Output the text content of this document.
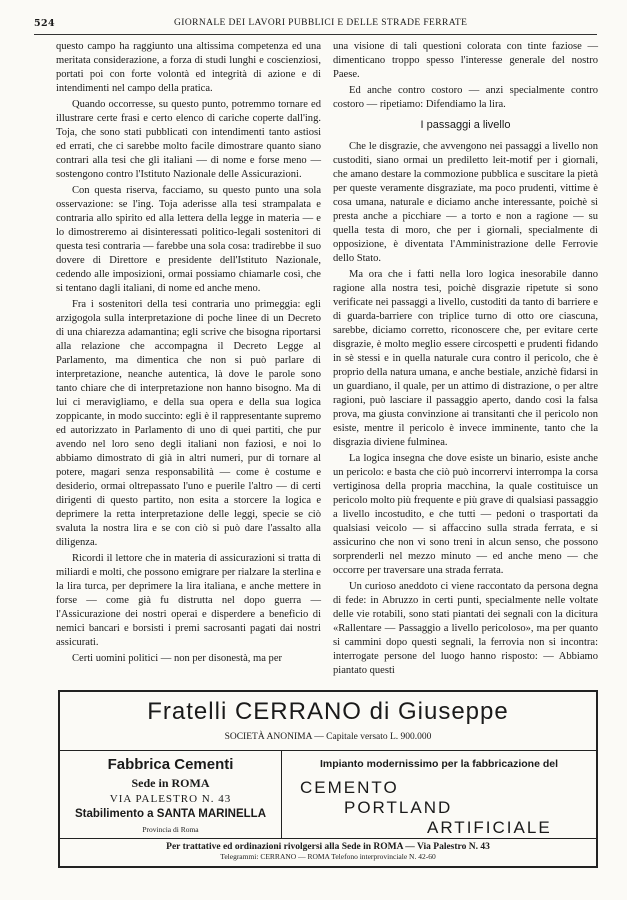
524	GIORNALE DEI LAVORI PUBBLICI E DELLE STRADE FERRATE

questo campo ha raggiunto una altissima competenza ed una meritata considerazione, a forza di studi lunghi e coscienziosi, portati poi con forte volontà ed integrità di azione e di intendimenti nel campo della pratica.

Quando occorresse, su questo punto, potremmo tornare ed illustrare certe frasi e certo elenco di cariche coperte dall'ing. Toja, che sono stati pubblicati con intendimenti tanto astiosi ed errati, che ci sarebbe molto facile dimostrare quanto siano contrari alla tesi che gli italiani — di nome e forse meno — sostengono contro l'Istituto Nazionale delle Assicurazioni.

Con questa riserva, facciamo, su questo punto una sola osservazione: se l'ing. Toja aderisse alla tesi strampalata e contraria allo spirito ed alla lettera della legge in materia — e lo dimostreremo ai disinteressati politico-legali sostenitori di questa tesi contraria — farebbe una sola cosa: tradirebbe il suo dovere di Direttore e presidente dell'Istituto Nazionale, cedendo alle imposizioni, ormai possiamo chiamarle così, che si tentano dagli italiani, di nome ed anche meno.

Fra i sostenitori della tesi contraria uno primeggia: egli arzigogola sulla interpretazione di poche linee di un Decreto di una chiarezza adamantina; egli scrive che bisogna riportarsi alla relazione che accompagna il Decreto Legge al Parlamento, ma dimentica che non si può parlare di interpretazione, neanche autentica, là dove le parole sono tanto chiare che di interpretazione non hanno bisogno. Ma di lui ci meravigliamo, e della sua opera e della sua logica zoppicante, in modo succinto: egli è il rappresentante supremo ed autorizzato in Parlamento di uno di quei partiti, che pur avendo nel loro seno degli italiani non faziosi, e noi lo abbiamo dimostrato di già in altri numeri, pur di tornare al potere, magari senza responsabilità — come è costume e desiderio, ormai oltrepassato l'uno e puerile l'altro — di certi dirigenti di questo partito, non esita a storcere la logica e deprimere la retta interpretazione delle leggi, specie se ciò svaluta la nostra lira e se con ciò si può dare l'assalto alla diligenza.

Ricordi il lettore che in materia di assicurazioni si tratta di miliardi e molti, che possono emigrare per rialzare la sterlina e la lira turca, per deprimere la lira italiana, e anche mettere in forse — come già fu distrutta nel dopo guerra — l'Assicurazione dei nostri operai e disperdere a beneficio di nemici bancari e borsisti i premi sacrosanti pagati dai nostri assicurati.

Certi uomini politici — non per disonestà, ma per

una visione di tali questioni colorata con tinte faziose — dimenticano troppo spesso l'interesse generale del nostro Paese.

Ed anche contro costoro — anzi specialmente contro costoro — ripetiamo: Difendiamo la lira.

I passaggi a livello

Che le disgrazie, che avvengono nei passaggi a livello non custoditi, siano ormai un prediletto leit-motif per i giornali, che amano destare la commozione pubblica e suscitare la pietà per queste veramente disgraziate, ma poco prudenti, vittime è cosa umana, naturale e diciamo anche interessante, poichè si presta anche a picchiare — a torto e non a ragione — su quella testa di moro, che per i giornali, specialmente di opposizione, è diventata l'Amministrazione delle Ferrovie dello Stato.

Ma ora che i fatti nella loro logica inesorabile danno ragione alla nostra tesi, poichè disgrazie ripetute si sono verificate nei passaggi a livello, custoditi da tanto di barriere e di guarda-barriere con triplice turno di otto ore ciascuna, sarebbe, diciamo corretto, riconoscere che, per evitare certe disgrazie, è molto meglio essere circospetti e prudenti fidando in sè stessi e in quella naturale cura contro il pericolo, che è proprio della natura umana, e anche bestiale, anzichè fidarsi in un guardiano, il quale, per un attimo di distrazione, o per altre ragioni, può lasciare il passaggio aperto, dando così la falsa prova, ma giusta convinzione ai transitanti che il pericolo non esiste, mentre il pericolo è invece imminente, tanto che la disgrazia diviene fulminea.

La logica insegna che dove esiste un binario, esiste anche un pericolo: e basta che ciò può incorrervi interrompa la corsa vertiginosa della propria macchina, la quale costituisce un pericolo molto più frequente e più grave di qualsiasi passaggio a livello incostudito, e che tutti — pedoni o trasportati da qualsiasi veicolo — si affaccino sulla strada ferrata, e si assicurino che non vi sono treni in alcun senso, che possono sorprenderli nel mezzo minuto — ed anche meno — che occorre per traversare una strada ferrata.

Un curioso aneddoto ci viene raccontato da persona degna di fede: in Abruzzo in certi punti, specialmente nelle voltate delle vie rotabili, sono stati piantati dei segnali con la dicitura «Rallentare — Passaggio a livello pericoloso», ma per quanto si cammini dopo questi segnali, la ferrovia non si incontra: interrogate persone del luogo hanno risposto: — Abbiamo piantato questi

Fratelli CERRANO di Giuseppe
SOCIETÀ ANONIMA — Capitale versato L. 900.000
Fabbrica Cementi
Sede in ROMA
VIA PALESTRO N. 43
Stabilimento a SANTA MARINELLA
Provincia di Roma
Impianto modernissimo per la fabbricazione del
CEMENTO
PORTLAND
ARTIFICIALE
Per trattative ed ordinazioni rivolgersi alla Sede in ROMA — Via Palestro N. 43
Telegrammi: CERRANO — ROMA Telefono interprovinciale N. 42-60
